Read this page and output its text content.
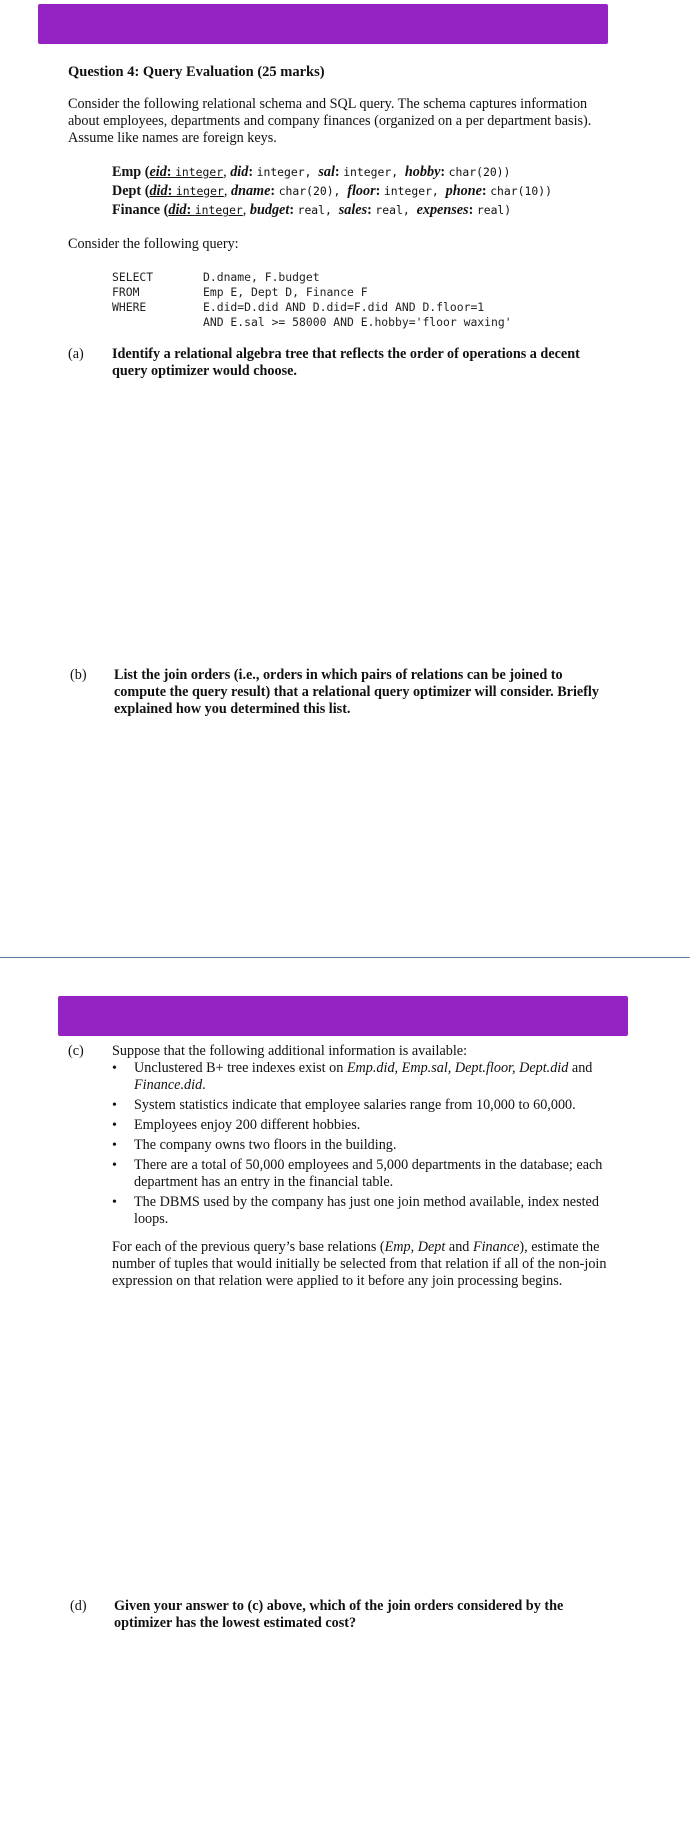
Question 4: Query Evaluation (25 marks)
Consider the following relational schema and SQL query. The schema captures information about employees, departments and company finances (organized on a per department basis). Assume like names are foreign keys.
Emp (eid: integer, did: integer, sal: integer, hobby: char(20))
Dept (did: integer, dname: char(20), floor: integer, phone: char(10))
Finance (did: integer, budget: real, sales: real, expenses: real)
Consider the following query:
SELECT	D.dname, F.budget
FROM	Emp E, Dept D, Finance F
WHERE	E.did=D.did AND D.did=F.did AND D.floor=1
AND E.sal >= 58000 AND E.hobby='floor waxing'
(a) Identify a relational algebra tree that reflects the order of operations a decent query optimizer would choose.
(b) List the join orders (i.e., orders in which pairs of relations can be joined to compute the query result) that a relational query optimizer will consider. Briefly explained how you determined this list.
(c) Suppose that the following additional information is available:
• Unclustered B+ tree indexes exist on Emp.did, Emp.sal, Dept.floor, Dept.did and Finance.did.
• System statistics indicate that employee salaries range from 10,000 to 60,000.
• Employees enjoy 200 different hobbies.
• The company owns two floors in the building.
• There are a total of 50,000 employees and 5,000 departments in the database; each department has an entry in the financial table.
• The DBMS used by the company has just one join method available, index nested loops.
For each of the previous query’s base relations (Emp, Dept and Finance), estimate the number of tuples that would initially be selected from that relation if all of the non-join expression on that relation were applied to it before any join processing begins.
(d) Given your answer to (c) above, which of the join orders considered by the optimizer has the lowest estimated cost?
